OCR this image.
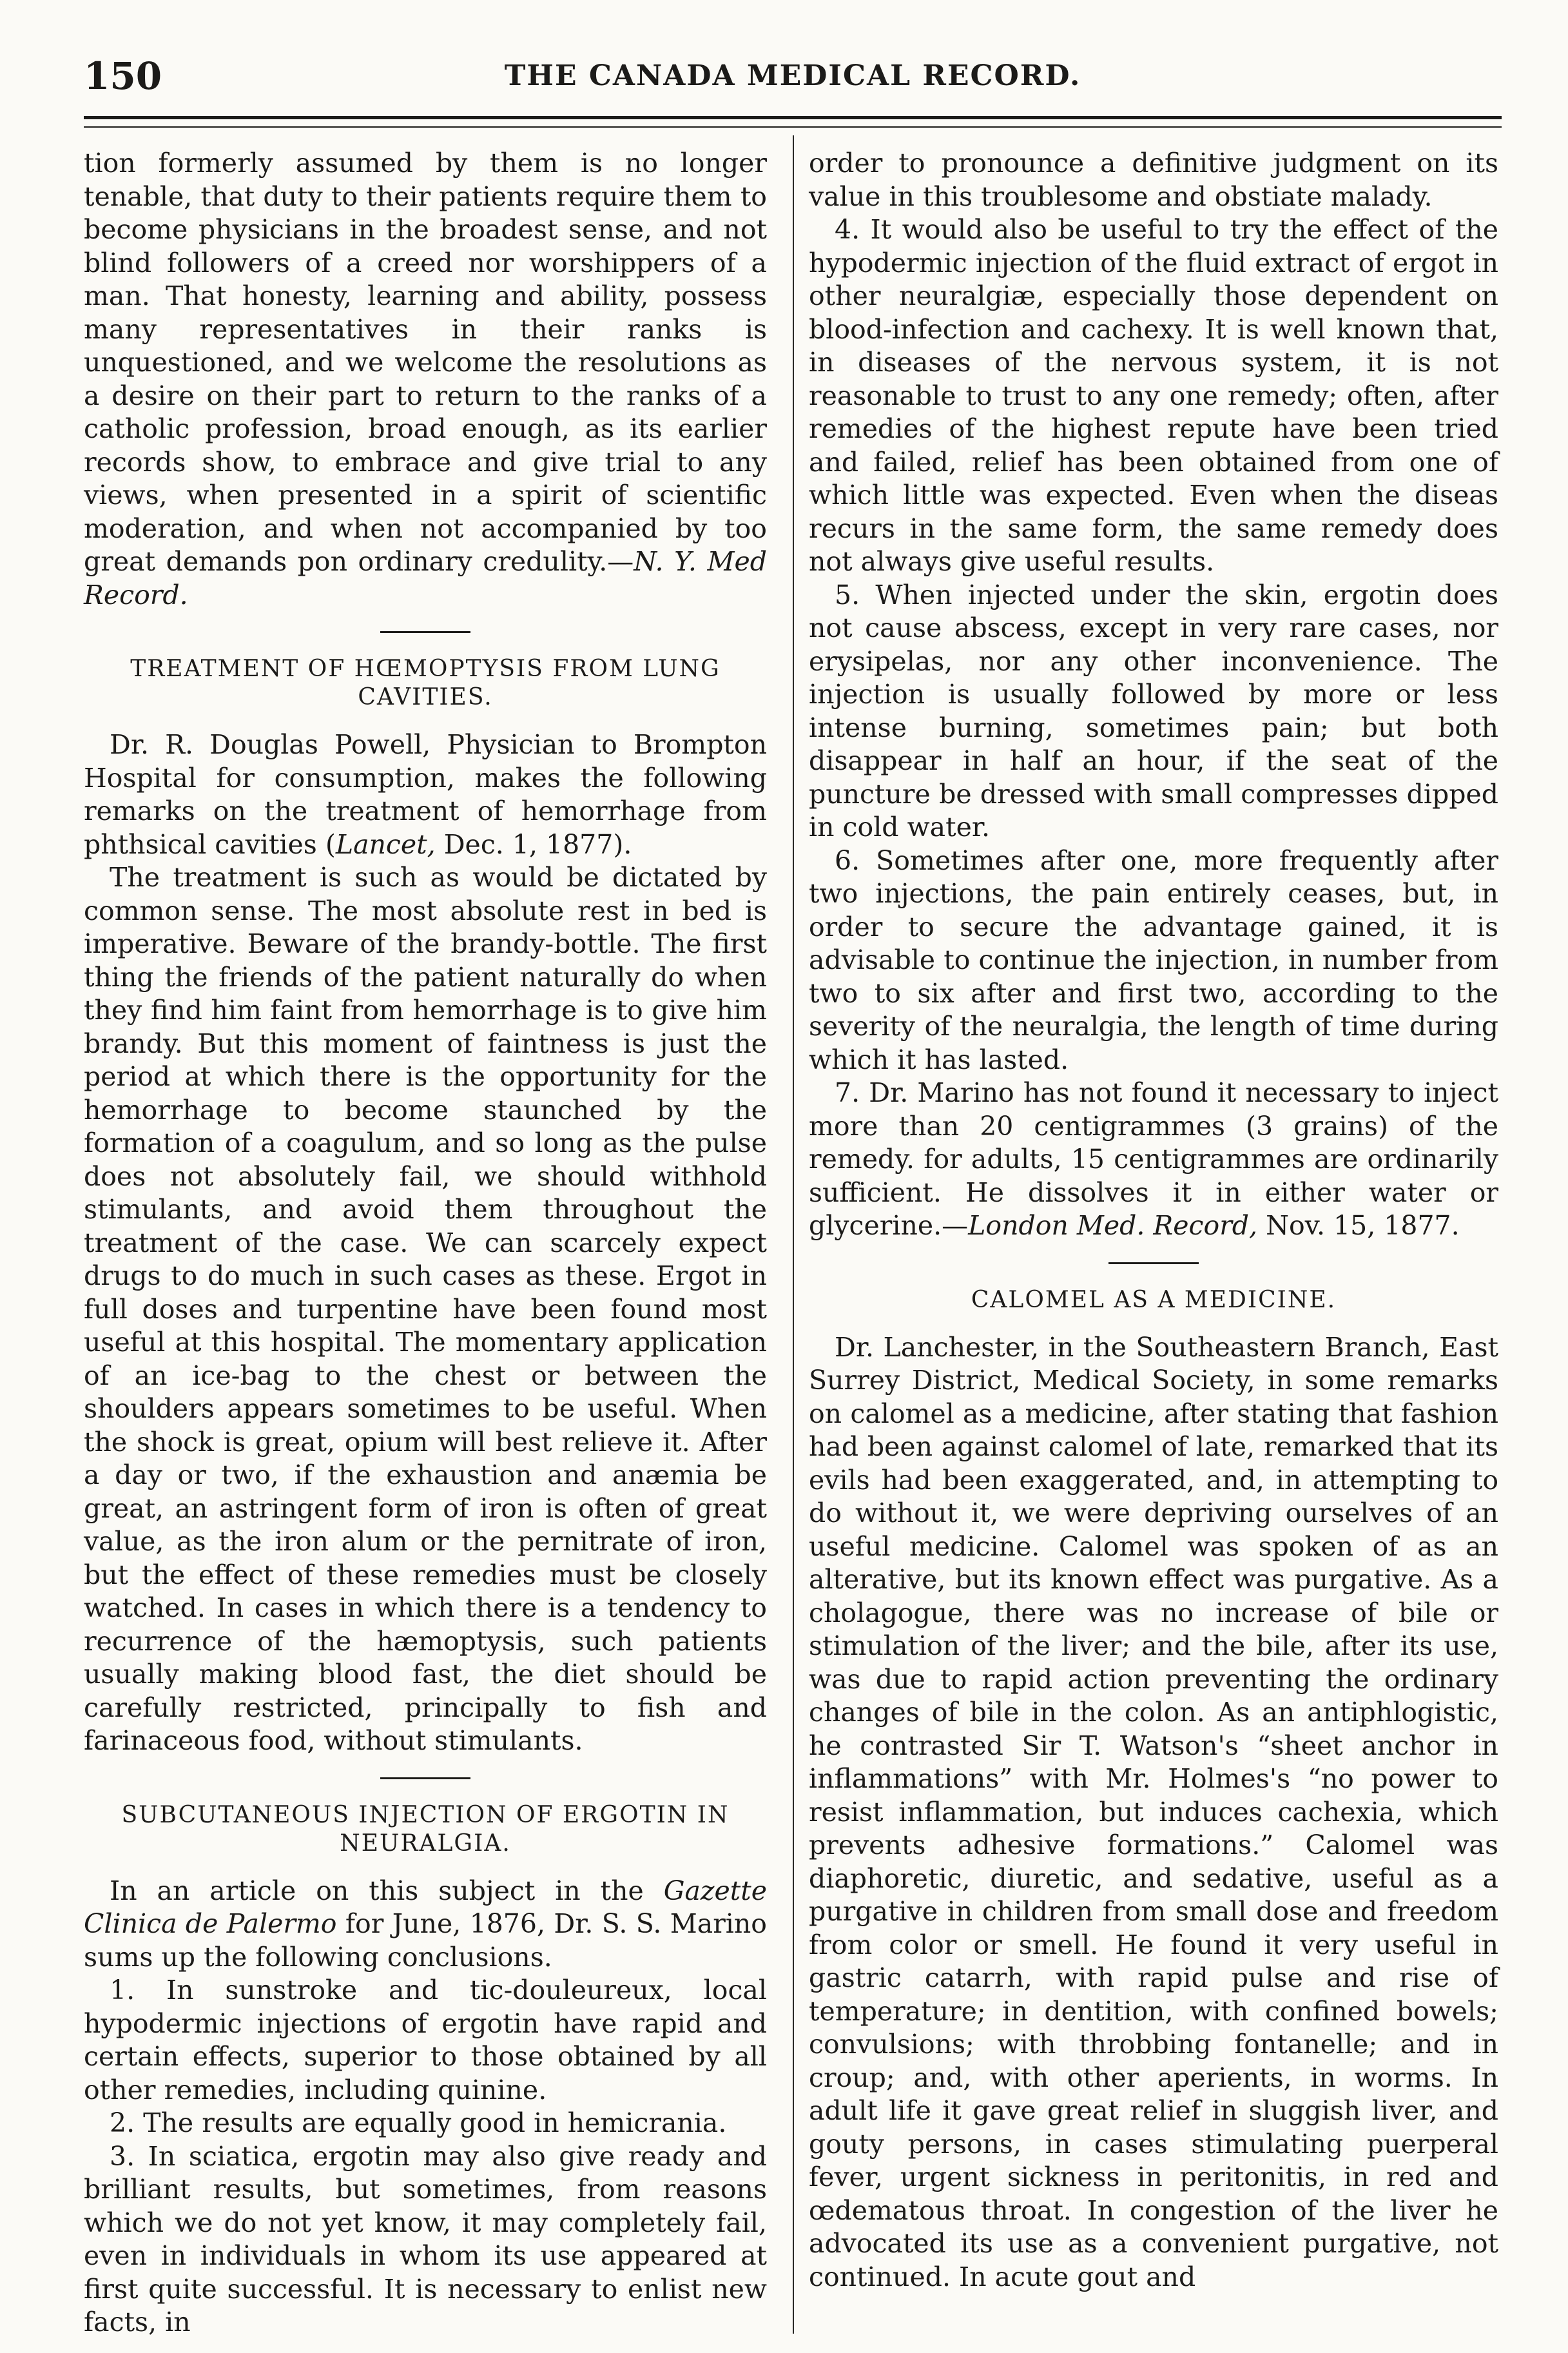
150	THE CANADA MEDICAL RECORD.

tion formerly assumed by them is no longer tenable, that duty to their patients require them to become physicians in the broadest sense, and not blind followers of a creed nor worshippers of a man. That honesty, learning and ability, possess many representatives in their ranks is unquestioned, and we welcome the resolutions as a desire on their part to return to the ranks of a catholic profession, broad enough, as its earlier records show, to embrace and give trial to any views, when presented in a spirit of scientific moderation, and when not accompanied by too great demands pon ordinary credulity.—N. Y. Med Record.

TREATMENT OF HŒMOPTYSIS FROM LUNG CAVITIES.

Dr. R. Douglas Powell, Physician to Brompton Hospital for consumption, makes the following remarks on the treatment of hemorrhage from phthsical cavities (Lancet, Dec. 1, 1877).

The treatment is such as would be dictated by common sense. The most absolute rest in bed is imperative. Beware of the brandy-bottle. The first thing the friends of the patient naturally do when they find him faint from hemorrhage is to give him brandy. But this moment of faintness is just the period at which there is the opportunity for the hemorrhage to become staunched by the formation of a coagulum, and so long as the pulse does not absolutely fail, we should withhold stimulants, and avoid them throughout the treatment of the case. We can scarcely expect drugs to do much in such cases as these. Ergot in full doses and turpentine have been found most useful at this hospital. The momentary application of an ice-bag to the chest or between the shoulders appears sometimes to be useful. When the shock is great, opium will best relieve it. After a day or two, if the exhaustion and anæmia be great, an astringent form of iron is often of great value, as the iron alum or the pernitrate of iron, but the effect of these remedies must be closely watched. In cases in which there is a tendency to recurrence of the hæmoptysis, such patients usually making blood fast, the diet should be carefully restricted, principally to fish and farinaceous food, without stimulants.

SUBCUTANEOUS INJECTION OF ERGOTIN IN NEURALGIA.

In an article on this subject in the Gazette Clinica de Palermo for June, 1876, Dr. S. S. Marino sums up the following conclusions.

1. In sunstroke and tic-douleureux, local hypodermic injections of ergotin have rapid and certain effects, superior to those obtained by all other remedies, including quinine.

2. The results are equally good in hemicrania.

3. In sciatica, ergotin may also give ready and brilliant results, but sometimes, from reasons which we do not yet know, it may completely fail, even in individuals in whom its use appeared at first quite successful. It is necessary to enlist new facts, in

order to pronounce a definitive judgment on its value in this troublesome and obstiate malady.

4. It would also be useful to try the effect of the hypodermic injection of the fluid extract of ergot in other neuralgiæ, especially those dependent on blood-infection and cachexy. It is well known that, in diseases of the nervous system, it is not reasonable to trust to any one remedy; often, after remedies of the highest repute have been tried and failed, relief has been obtained from one of which little was expected. Even when the diseas recurs in the same form, the same remedy does not always give useful results.

5. When injected under the skin, ergotin does not cause abscess, except in very rare cases, nor erysipelas, nor any other inconvenience. The injection is usually followed by more or less intense burning, sometimes pain; but both disappear in half an hour, if the seat of the puncture be dressed with small compresses dipped in cold water.

6. Sometimes after one, more frequently after two injections, the pain entirely ceases, but, in order to secure the advantage gained, it is advisable to continue the injection, in number from two to six after and first two, according to the severity of the neuralgia, the length of time during which it has lasted.

7. Dr. Marino has not found it necessary to inject more than 20 centigrammes (3 grains) of the remedy. for adults, 15 centigrammes are ordinarily sufficient. He dissolves it in either water or glycerine.—London Med. Record, Nov. 15, 1877.

CALOMEL AS A MEDICINE.

Dr. Lanchester, in the Southeastern Branch, East Surrey District, Medical Society, in some remarks on calomel as a medicine, after stating that fashion had been against calomel of late, remarked that its evils had been exaggerated, and, in attempting to do without it, we were depriving ourselves of an useful medicine. Calomel was spoken of as an alterative, but its known effect was purgative. As a cholagogue, there was no increase of bile or stimulation of the liver; and the bile, after its use, was due to rapid action preventing the ordinary changes of bile in the colon. As an antiphlogistic, he contrasted Sir T. Watson's “sheet anchor in inflammations” with Mr. Holmes's “no power to resist inflammation, but induces cachexia, which prevents adhesive formations.” Calomel was diaphoretic, diuretic, and sedative, useful as a purgative in children from small dose and freedom from color or smell. He found it very useful in gastric catarrh, with rapid pulse and rise of temperature; in dentition, with confined bowels; convulsions; with throbbing fontanelle; and in croup; and, with other aperients, in worms. In adult life it gave great relief in sluggish liver, and gouty persons, in cases stimulating puerperal fever, urgent sickness in peritonitis, in red and œdematous throat. In congestion of the liver he advocated its use as a convenient purgative, not continued. In acute gout and
